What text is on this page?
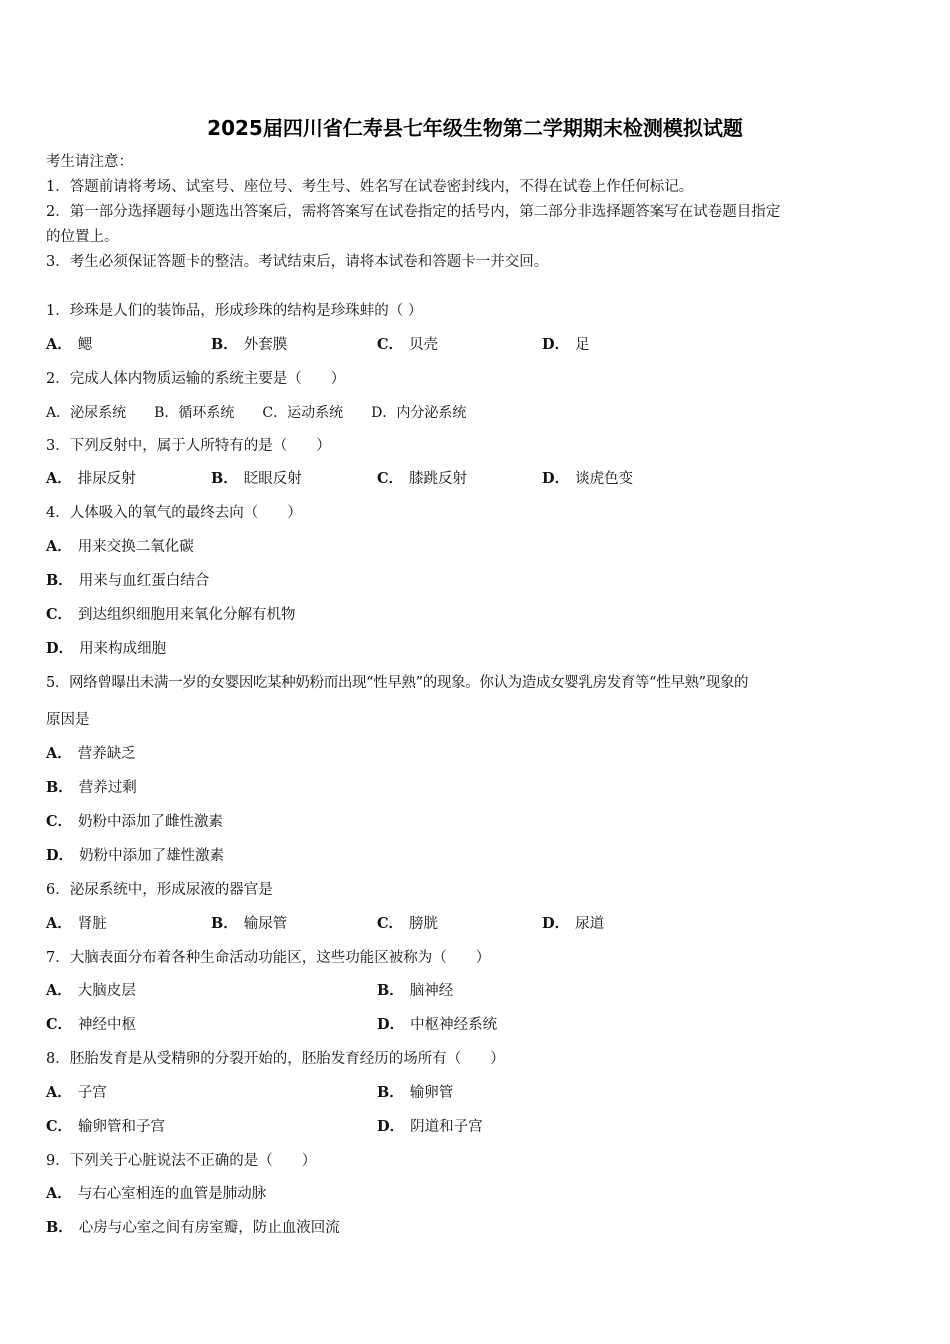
2025届四川省仁寿县七年级生物第二学期期末检测模拟试题
考生请注意：
1．答题前请将考场、试室号、座位号、考生号、姓名写在试卷密封线内，不得在试卷上作任何标记。
2．第一部分选择题每小题选出答案后，需将答案写在试卷指定的括号内，第二部分非选择题答案写在试卷题目指定
的位置上。
3．考生必须保证答题卡的整洁。考试结束后，请将本试卷和答题卡一并交回。
1．珍珠是人们的装饰品，形成珍珠的结构是珍珠蚌的（ ）
A． 鳃	B． 外套膜	C． 贝壳	D． 足
2．完成人体内物质运输的系统主要是（　　）
A．泌尿系统　　B．循环系统　　C．运动系统　　D．内分泌系统
3．下列反射中，属于人所特有的是（　　）
A． 排尿反射	B． 眨眼反射	C． 膝跳反射	D． 谈虎色变
4．人体吸入的氧气的最终去向（　　）
A． 用来交换二氧化碳
B． 用来与血红蛋白结合
C． 到达组织细胞用来氧化分解有机物
D． 用来构成细胞
5．网络曾曝出未满一岁的女婴因吃某种奶粉而出现“性早熟”的现象。你认为造成女婴乳房发育等“性早熟”现象的
原因是
A． 营养缺乏
B． 营养过剩
C． 奶粉中添加了雌性激素
D． 奶粉中添加了雄性激素
6．泌尿系统中，形成尿液的器官是
A． 肾脏	B． 输尿管	C． 膀胱	D． 尿道
7．大脑表面分布着各种生命活动功能区，这些功能区被称为（　　）
A． 大脑皮层	B． 脑神经
C． 神经中枢	D． 中枢神经系统
8．胚胎发育是从受精卵的分裂开始的，胚胎发育经历的场所有（　　）
A． 子宫	B． 输卵管
C． 输卵管和子宫	D． 阴道和子宫
9．下列关于心脏说法不正确的是（　　）
A． 与右心室相连的血管是肺动脉
B． 心房与心室之间有房室瓣，防止血液回流
